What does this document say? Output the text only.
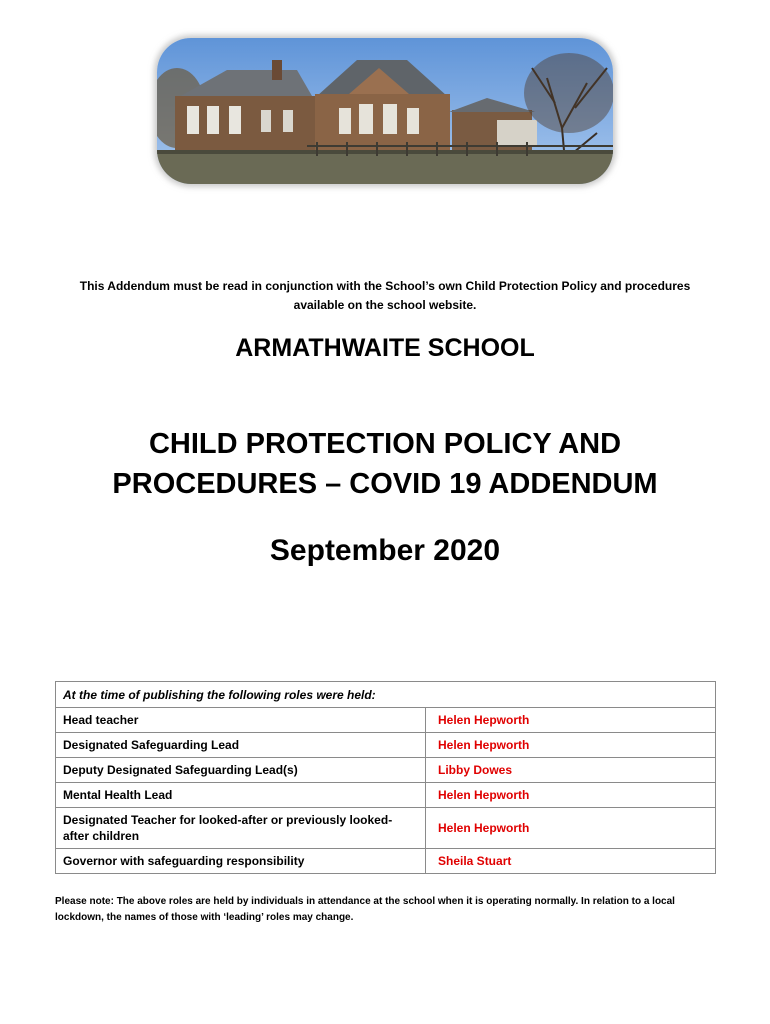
This Addendum must be read in conjunction with the School’s own Child Protection Policy and procedures available on the school website.
ARMATHWAITE SCHOOL
CHILD PROTECTION POLICY AND
PROCEDURES – COVID 19 ADDENDUM
September 2020
At the time of publishing the following roles were held:	
Head teacher	Helen Hepworth
Designated Safeguarding Lead	Helen Hepworth
Deputy Designated Safeguarding Lead(s)	Libby Dowes
Mental Health Lead	Helen Hepworth
Designated Teacher for looked-after or previously looked-after children	Helen Hepworth
Governor with safeguarding responsibility	Sheila Stuart
Please note: The above roles are held by individuals in attendance at the school when it is operating normally. In relation to a local lockdown, the names of those with ‘leading’ roles may change.
